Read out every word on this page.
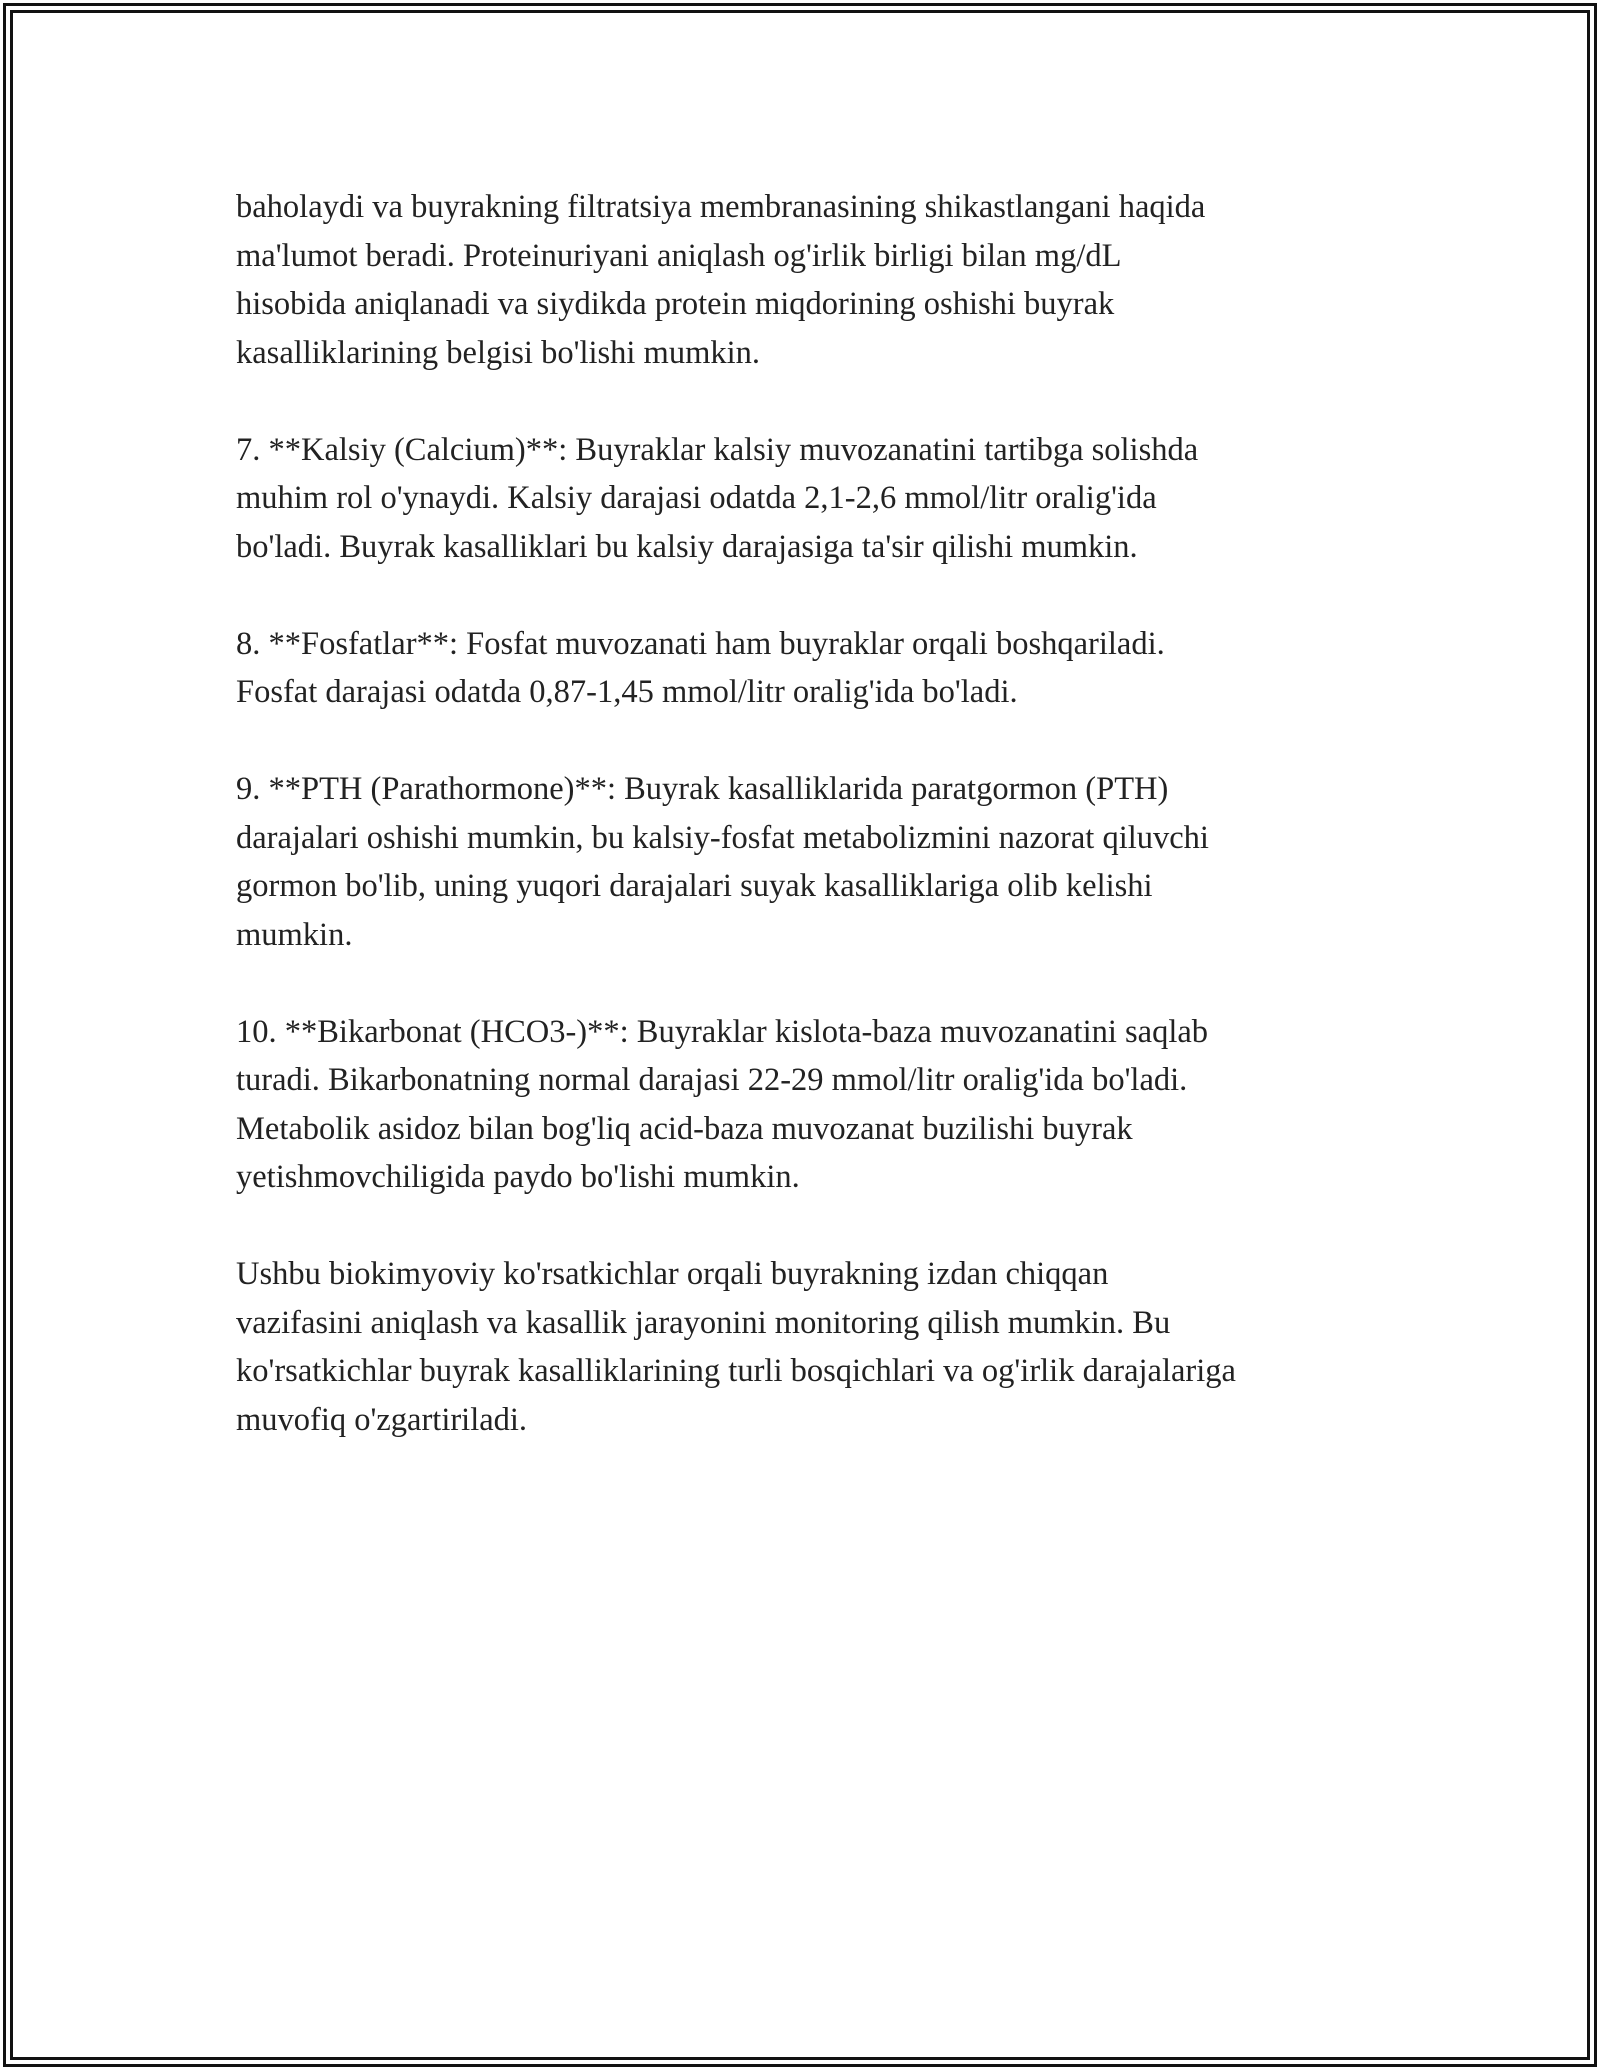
baholaydi va buyrakning filtratsiya membranasining shikastlangani haqida
ma'lumot beradi. Proteinuriyani aniqlash og'irlik birligi bilan mg/dL
hisobida aniqlanadi va siydikda protein miqdorining oshishi buyrak
kasalliklarining belgisi bo'lishi mumkin.

7. **Kalsiy (Calcium)**: Buyraklar kalsiy muvozanatini tartibga solishda
muhim rol o'ynaydi. Kalsiy darajasi odatda 2,1-2,6 mmol/litr oralig'ida
bo'ladi. Buyrak kasalliklari bu kalsiy darajasiga ta'sir qilishi mumkin.

8. **Fosfatlar**: Fosfat muvozanati ham buyraklar orqali boshqariladi.
Fosfat darajasi odatda 0,87-1,45 mmol/litr oralig'ida bo'ladi.

9. **PTH (Parathormone)**: Buyrak kasalliklarida paratgormon (PTH)
darajalari oshishi mumkin, bu kalsiy-fosfat metabolizmini nazorat qiluvchi
gormon bo'lib, uning yuqori darajalari suyak kasalliklariga olib kelishi
mumkin.

10. **Bikarbonat (HCO3-)**: Buyraklar kislota-baza muvozanatini saqlab
turadi. Bikarbonatning normal darajasi 22-29 mmol/litr oralig'ida bo'ladi.
Metabolik asidoz bilan bog'liq acid-baza muvozanat buzilishi buyrak
yetishmovchiligida paydo bo'lishi mumkin.

Ushbu biokimyoviy ko'rsatkichlar orqali buyrakning izdan chiqqan
vazifasini aniqlash va kasallik jarayonini monitoring qilish mumkin. Bu
ko'rsatkichlar buyrak kasalliklarining turli bosqichlari va og'irlik darajalariga
muvofiq o'zgartiriladi.
